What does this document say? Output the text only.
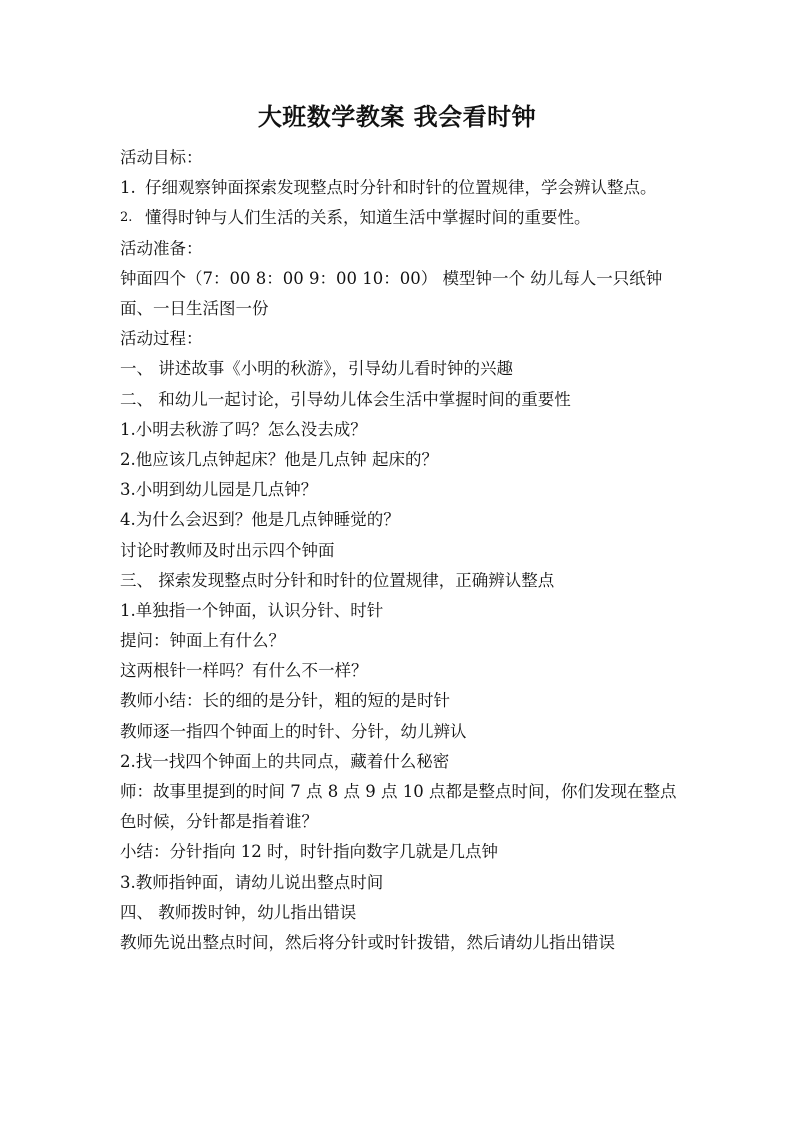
大班数学教案 我会看时钟
活动目标：
1. 仔细观察钟面探索发现整点时分针和时针的位置规律，学会辨认整点。
2. 懂得时钟与人们生活的关系，知道生活中掌握时间的重要性。
活动准备：
钟面四个（7：00 8：00 9：00 10：00） 模型钟一个 幼儿每人一只纸钟面、一日生活图一份
活动过程：
一、 讲述故事《小明的秋游》，引导幼儿看时钟的兴趣
二、 和幼儿一起讨论，引导幼儿体会生活中掌握时间的重要性
1.小明去秋游了吗？怎么没去成？
2.他应该几点钟起床？他是几点钟 起床的？
3.小明到幼儿园是几点钟？
4.为什么会迟到？他是几点钟睡觉的？
讨论时教师及时出示四个钟面
三、 探索发现整点时分针和时针的位置规律，正确辨认整点
1.单独指一个钟面，认识分针、时针
提问：钟面上有什么？
这两根针一样吗？有什么不一样？
教师小结：长的细的是分针，粗的短的是时针
教师逐一指四个钟面上的时针、分针，幼儿辨认
2.找一找四个钟面上的共同点，藏着什么秘密
师：故事里提到的时间 7 点 8 点 9 点 10 点都是整点时间，你们发现在整点色时候，分针都是指着谁？
小结：分针指向 12 时，时针指向数字几就是几点钟
3.教师指钟面，请幼儿说出整点时间
四、 教师拨时钟，幼儿指出错误
教师先说出整点时间，然后将分针或时针拨错，然后请幼儿指出错误
